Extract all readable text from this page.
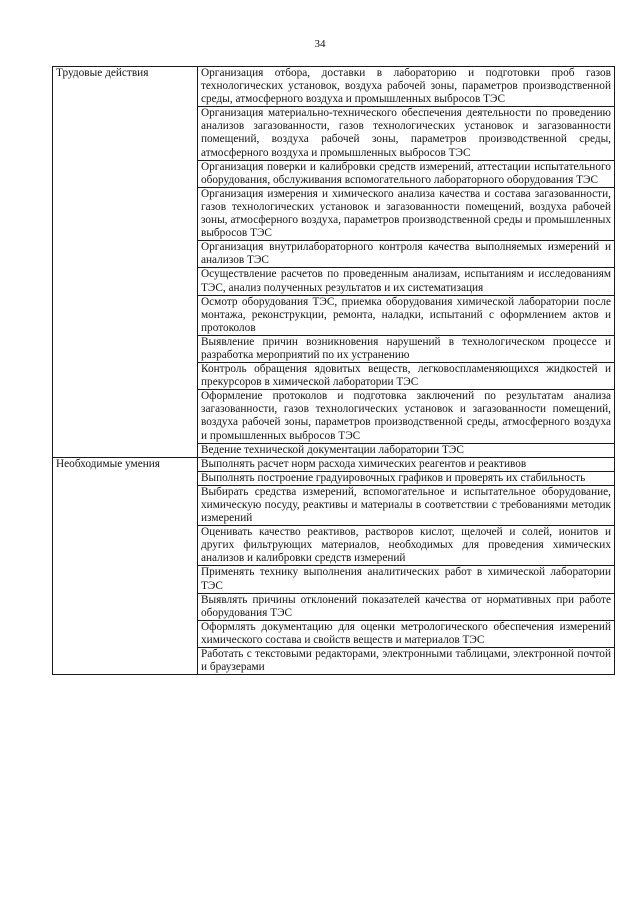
34
Трудовые действия	Организация отбора, доставки в лабораторию и подготовки проб газов технологических установок, воздуха рабочей зоны, параметров производственной среды, атмосферного воздуха и промышленных выбросов ТЭС
	Организация материально-технического обеспечения деятельности по проведению анализов загазованности, газов технологических установок и загазованности помещений, воздуха рабочей зоны, параметров производственной среды, атмосферного воздуха и промышленных выбросов ТЭС
	Организация поверки и калибровки средств измерений, аттестации испытательного оборудования, обслуживания вспомогательного лабораторного оборудования ТЭС
	Организация измерения и химического анализа качества и состава загазованности, газов технологических установок и загазованности помещений, воздуха рабочей зоны, атмосферного воздуха, параметров производственной среды и промышленных выбросов ТЭС
	Организация внутрилабораторного контроля качества выполняемых измерений и анализов ТЭС
	Осуществление расчетов по проведенным анализам, испытаниям и исследованиям ТЭС, анализ полученных результатов и их систематизация
	Осмотр оборудования ТЭС, приемка оборудования химической лаборатории после монтажа, реконструкции, ремонта, наладки, испытаний с оформлением актов и протоколов
	Выявление причин возникновения нарушений в технологическом процессе и разработка мероприятий по их устранению
	Контроль обращения ядовитых веществ, легковоспламеняющихся жидкостей и прекурсоров в химической лаборатории ТЭС
	Оформление протоколов и подготовка заключений по результатам анализа загазованности, газов технологических установок и загазованности помещений, воздуха рабочей зоны, параметров производственной среды, атмосферного воздуха и промышленных выбросов ТЭС
	Ведение технической документации лаборатории ТЭС
Необходимые умения	Выполнять расчет норм расхода химических реагентов и реактивов
	Выполнять построение градуировочных графиков и проверять их стабильность
	Выбирать средства измерений, вспомогательное и испытательное оборудование, химическую посуду, реактивы и материалы в соответствии с требованиями методик измерений
	Оценивать качество реактивов, растворов кислот, щелочей и солей, ионитов и других фильтрующих материалов, необходимых для проведения химических анализов и калибровки средств измерений
	Применять технику выполнения аналитических работ в химической лаборатории ТЭС
	Выявлять причины отклонений показателей качества от нормативных при работе оборудования ТЭС
	Оформлять документацию для оценки метрологического обеспечения измерений химического состава и свойств веществ и материалов ТЭС
	Работать с текстовыми редакторами, электронными таблицами, электронной почтой и браузерами
